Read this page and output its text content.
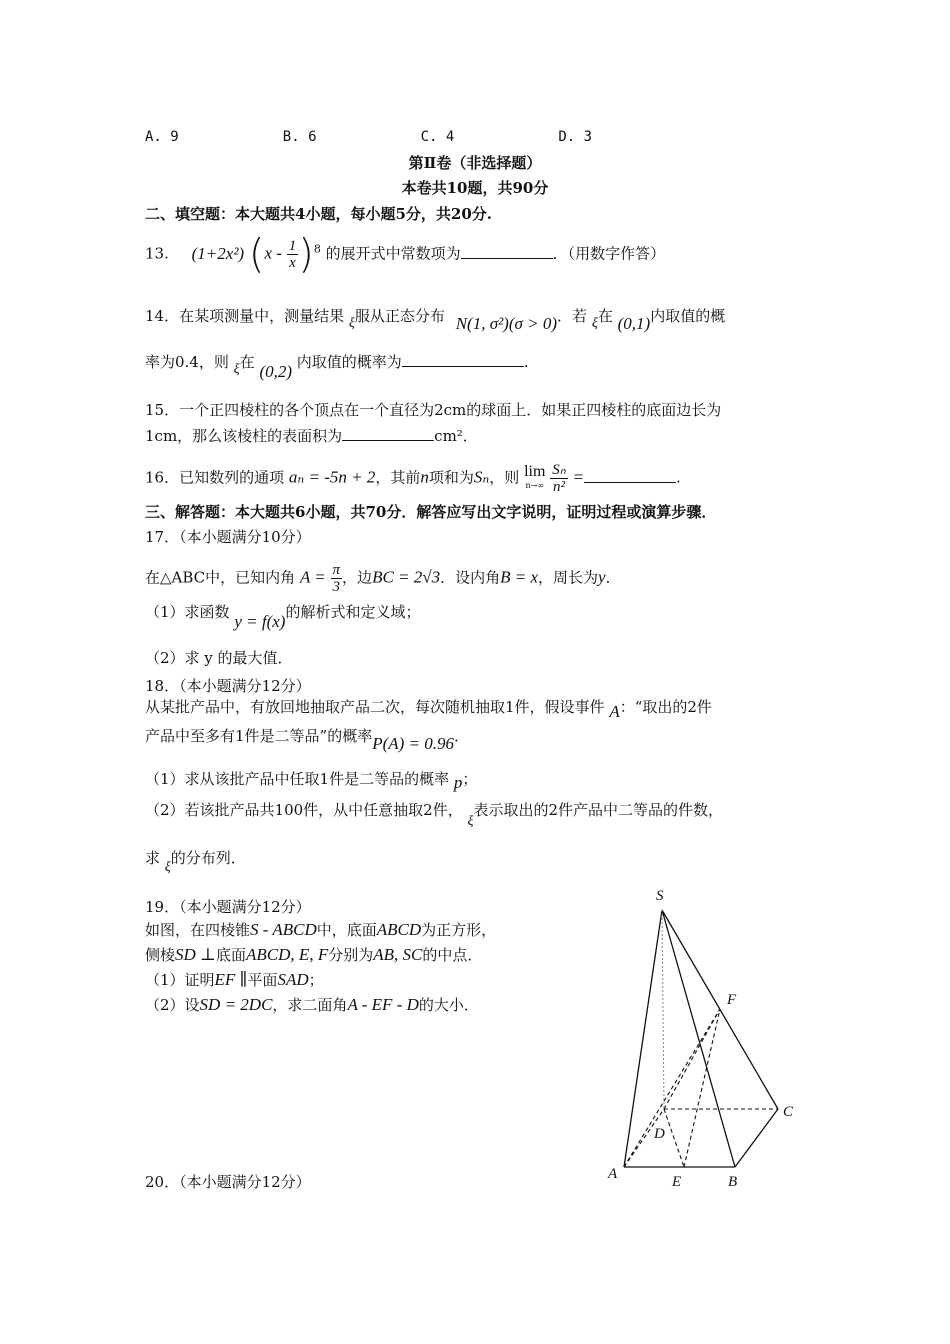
A. 9	B. 6	C. 4	D. 3
第Ⅱ卷（非选择题）
本卷共10题，共90分
二、填空题：本大题共4小题，每小题5分，共20分.
13. (1+2x²) $(x - \frac{1}{x} )^8$ 的展开式中常数项为	．（用数字作答）
14．在某项测量中，测量结果 ξ服从正态分布 N(1, σ²)(σ > 0)．若 ξ在 (0,1)内取值的概
率为0.4，则 ξ在 (0,2) 内取值的概率为	.
15．一个正四棱柱的各个顶点在一个直径为2cm的球面上．如果正四棱柱的底面边长为
1cm，那么该棱柱的表面积为	cm²．
16．已知数列的通项 aₙ = -5n + 2，其前n项和为Sₙ，则 lim
n→∞
$\frac{\text{Sₙ}}{\text{n²}}$ =	.
三、解答题：本大题共6小题，共70分．解答应写出文字说明，证明过程或演算步骤．
17．（本小题满分10分）
在△ABC中，已知内角 $A = \frac{\pi}{3}$ ，边BC = 2√3．设内角B = x，周长为y．
（1）求函数 y = f(x)的解析式和定义域；
（2）求 y 的最大值．
18．（本小题满分12分）
从某批产品中，有放回地抽取产品二次，每次随机抽取1件，假设事件 A：“取出的2件
产品中至多有1件是二等品”的概率P(A) = 0.96．
（1）求从该批产品中任取1件是二等品的概率 p；
（2）若该批产品共100件，从中任意抽取2件， ξ表示取出的2件产品中二等品的件数，
求 ξ的分布列．
19．（本小题满分12分）
如图，在四棱锥S - ABCD中，底面ABCD为正方形，
侧棱SD ⊥底面ABCD, E, F分别为AB, SC的中点．
（1）证明EF ∥平面SAD；
（2）设SD = 2DC，求二面角A - EF - D的大小．
20．（本小题满分12分）
S
F
C
D
A	E	B
